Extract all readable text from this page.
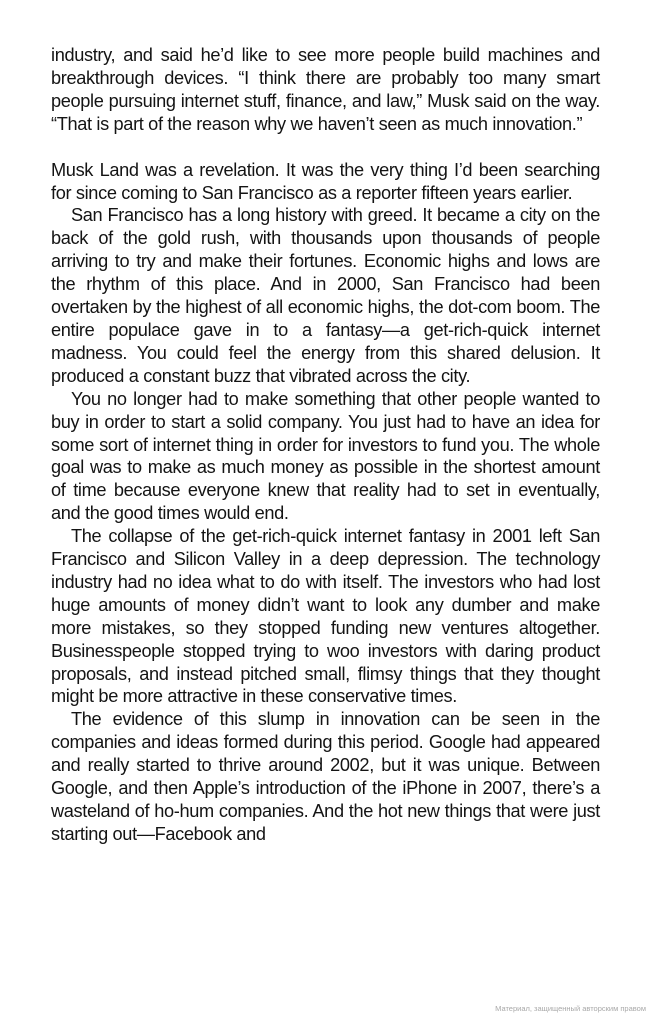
industry, and said he’d like to see more people build machines and breakthrough devices. “I think there are probably too many smart people pursuing internet stuff, finance, and law,” Musk said on the way. “That is part of the reason why we haven’t seen as much innovation.”

Musk Land was a revelation. It was the very thing I’d been searching for since coming to San Francisco as a reporter fifteen years earlier.

San Francisco has a long history with greed. It became a city on the back of the gold rush, with thousands upon thousands of people arriving to try and make their fortunes. Economic highs and lows are the rhythm of this place. And in 2000, San Francisco had been overtaken by the highest of all economic highs, the dot-com boom. The entire populace gave in to a fantasy—a get-rich-quick internet madness. You could feel the energy from this shared delusion. It produced a constant buzz that vibrated across the city.

You no longer had to make something that other people wanted to buy in order to start a solid company. You just had to have an idea for some sort of internet thing in order for investors to fund you. The whole goal was to make as much money as possible in the shortest amount of time because everyone knew that reality had to set in eventually, and the good times would end.

The collapse of the get-rich-quick internet fantasy in 2001 left San Francisco and Silicon Valley in a deep depression. The technology industry had no idea what to do with itself. The investors who had lost huge amounts of money didn’t want to look any dumber and make more mistakes, so they stopped funding new ventures altogether. Businesspeople stopped trying to woo investors with daring product proposals, and instead pitched small, flimsy things that they thought might be more attractive in these conservative times.

The evidence of this slump in innovation can be seen in the companies and ideas formed during this period. Google had appeared and really started to thrive around 2002, but it was unique. Between Google, and then Apple’s introduction of the iPhone in 2007, there’s a wasteland of ho-hum companies. And the hot new things that were just starting out—Facebook and

Материал, защищенный авторским правом
